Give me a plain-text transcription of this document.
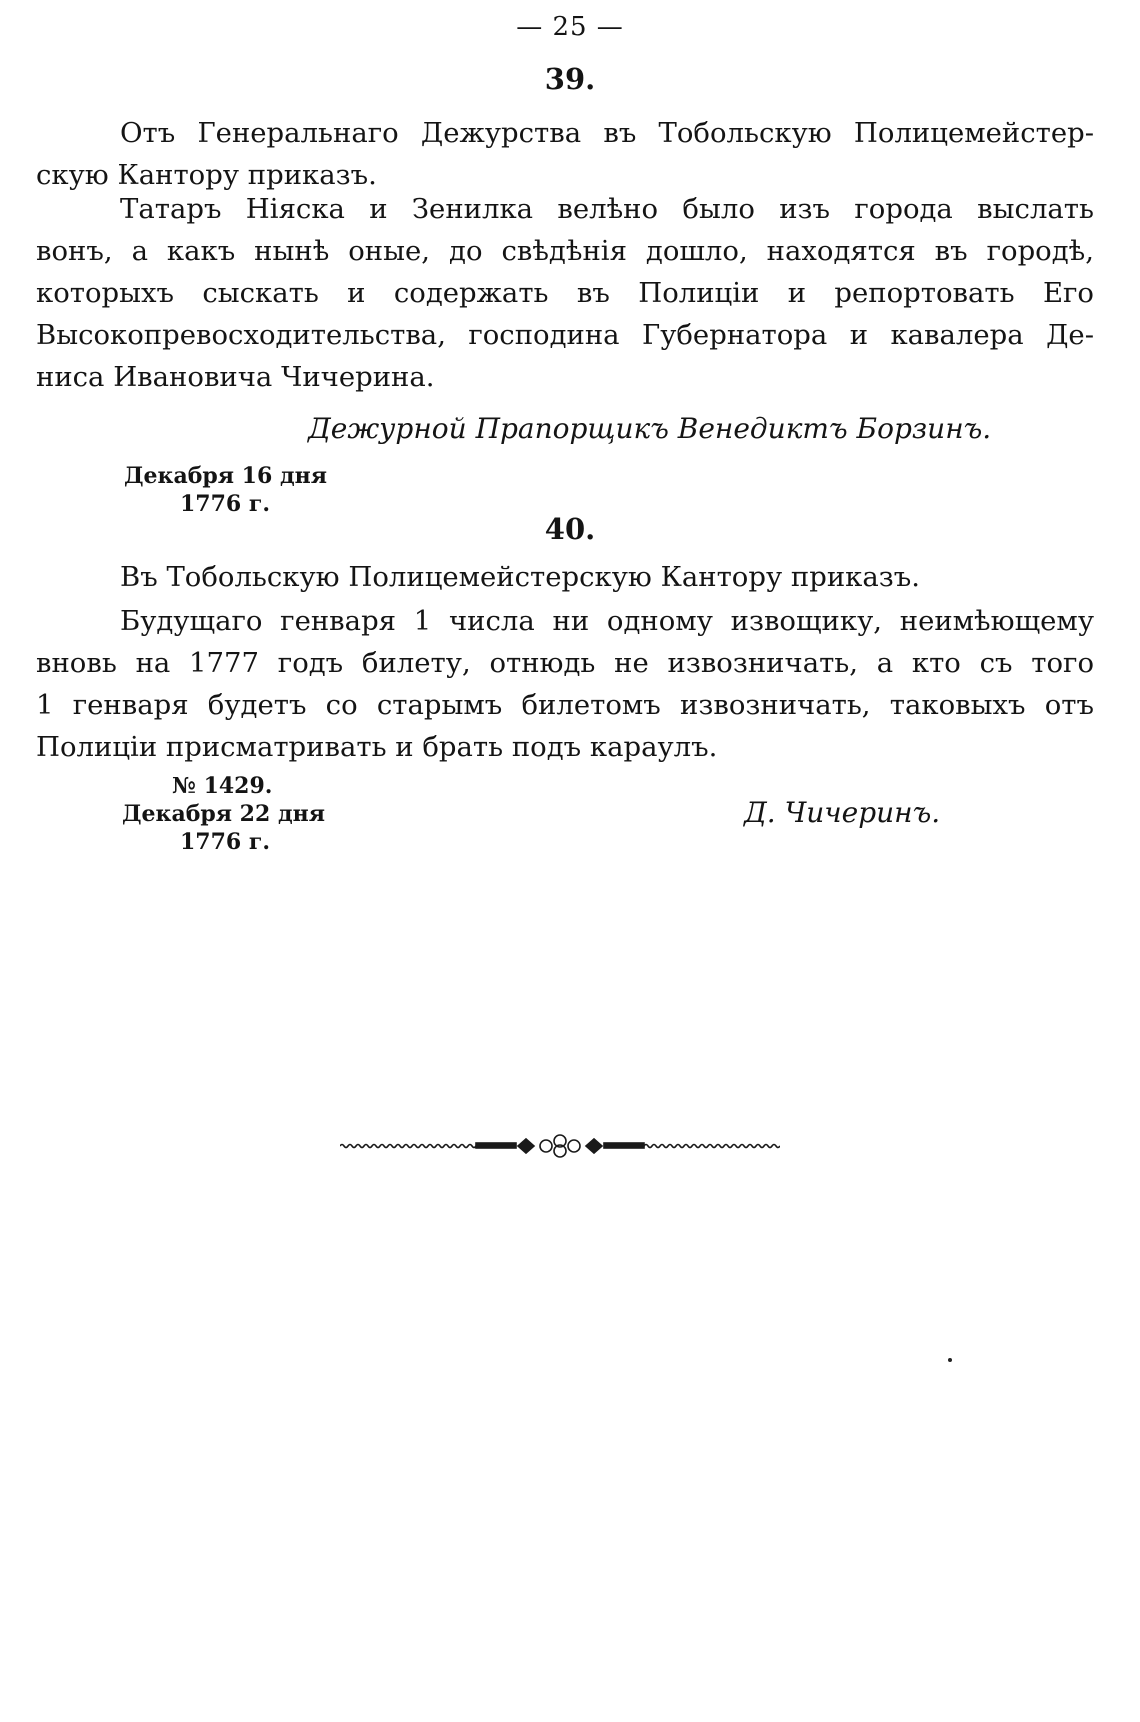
— 25 —
39.
Отъ Генеральнаго Дежурства въ Тобольскую Полицемейстер-
скую Кантору приказъ.
Татаръ Нiяска и Зенилка велѣно было изъ города выслать
вонъ, а какъ нынѣ оные, до свѣдѣнiя дошло, находятся въ городѣ,
которыхъ сыскать и содержать въ Полицiи и репортовать Его
Высокопревосходительства, господина Губернатора и кавалера Де-
ниса Ивановича Чичерина.
Дежурной Прапорщикъ Венедиктъ Борзинъ.
Декабря 16 дня
1776 г.
40.
Въ Тобольскую Полицемейстерскую Кантору приказъ.
Будущаго генваря 1 числа ни одному извощику, неимѣющему
вновь на 1777 годъ билету, отнюдь не извозничать, а кто съ того
1 генваря будетъ со старымъ билетомъ извозничать, таковыхъ отъ
Полицiи присматривать и брать подъ караулъ.
№ 1429.
Декабря 22 дня
1776 г.
Д. Чичеринъ.
